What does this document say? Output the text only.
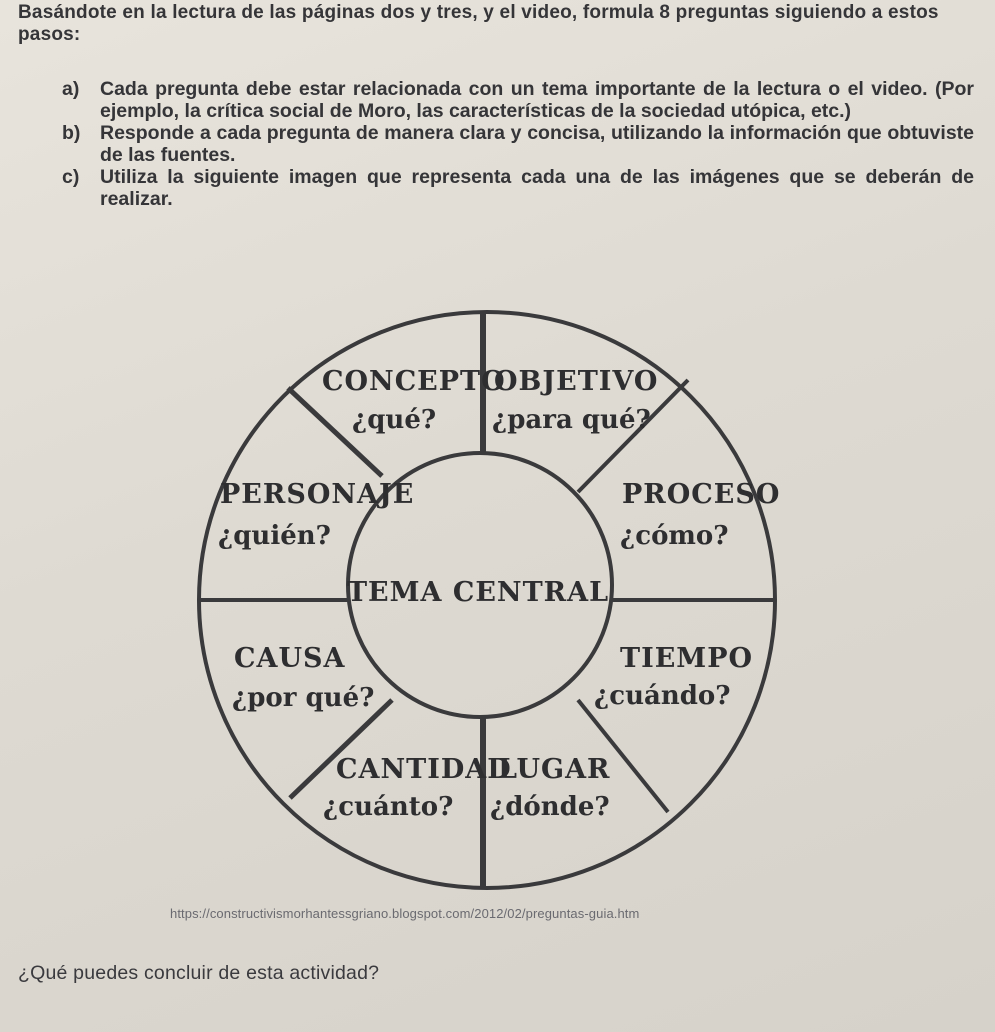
Basándote en la lectura de las páginas dos y tres, y el video, formula 8 preguntas siguiendo a estos pasos:
a) Cada pregunta debe estar relacionada con un tema importante de la lectura o el video. (Por ejemplo, la crítica social de Moro, las características de la sociedad utópica, etc.)
b) Responde a cada pregunta de manera clara y concisa, utilizando la información que obtuviste de las fuentes.
c) Utiliza la siguiente imagen que representa cada una de las imágenes que se deberán de realizar.
TEMA CENTRAL
CONCEPTO
¿qué?
OBJETIVO
¿para qué?
PROCESO
¿cómo?
TIEMPO
¿cuándo?
LUGAR
¿dónde?
CANTIDAD
¿cuánto?
CAUSA
¿por qué?
PERSONAJE
¿quién?
https://constructivismorhantessgriano.blogspot.com/2012/02/preguntas-guia.htm
¿Qué puedes concluir de esta actividad?
